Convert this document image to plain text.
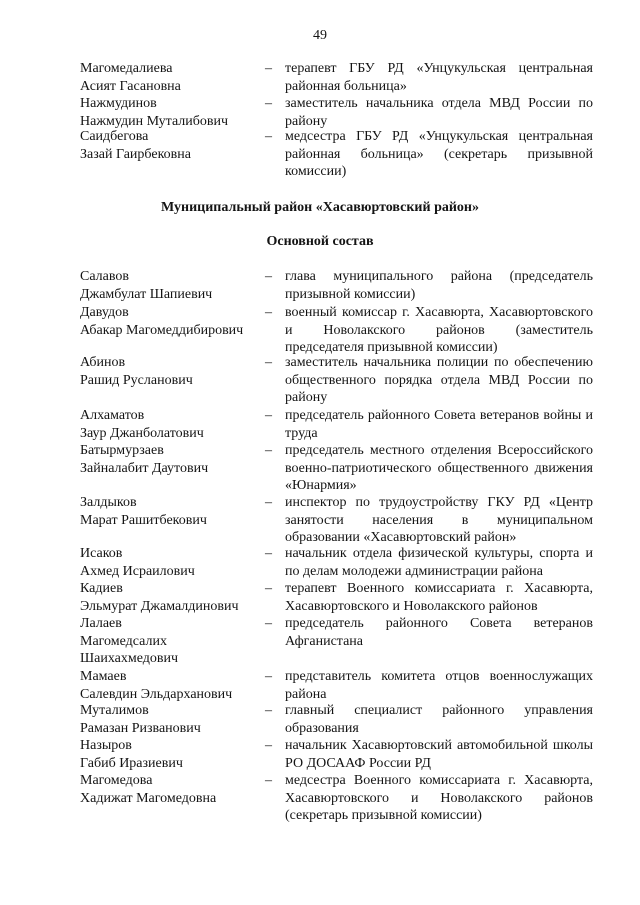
49
Магомедалиева
Асият Гасановна
– терапевт ГБУ РД «Унцукульская центральная районная больница»
Нажмудинов
Нажмудин Муталибович
– заместитель начальника отдела МВД России по району
Саидбегова
Зазай Гаирбековна
– медсестра ГБУ РД «Унцукульская центральная районная больница» (секретарь призывной комиссии)
Муниципальный район «Хасавюртовский район»
Основной состав
Салавов
Джамбулат Шапиевич
– глава муниципального района (председатель призывной комиссии)
Давудов
Абакар Магомеддибирович
– военный комиссар г. Хасавюрта, Хасавюртовского и Новолакского районов (заместитель председателя призывной комиссии)
Абинов
Рашид Русланович
– заместитель начальника полиции по обеспечению общественного порядка отдела МВД России по району
Алхаматов
Заур Джанболатович
– председатель районного Совета ветеранов войны и труда
Батырмурзаев
Зайналабит Даутович
– председатель местного отделения Всероссийского военно-патриотического общественного движения «Юнармия»
Залдыков
Марат Рашитбекович
– инспектор по трудоустройству ГКУ РД «Центр занятости населения в муниципальном образовании «Хасавюртовский район»
Исаков
Ахмед Исраилович
– начальник отдела физической культуры, спорта и по делам молодежи администрации района
Кадиев
Эльмурат Джамалдинович
– терапевт Военного комиссариата г. Хасавюрта, Хасавюртовского и Новолакского районов
Лалаев
Магомедсалих
Шаихахмедович
– председатель районного Совета ветеранов Афганистана
Мамаев
Салевдин Эльдарханович
– представитель комитета отцов военнослужащих района
Муталимов
Рамазан Ризванович
– главный специалист районного управления образования
Назыров
Габиб Иразиевич
– начальник Хасавюртовский автомобильной школы РО ДОСААФ России РД
Магомедова
Хадижат Магомедовна
– медсестра Военного комиссариата г. Хасавюрта, Хасавюртовского и Новолакского районов (секретарь призывной комиссии)
